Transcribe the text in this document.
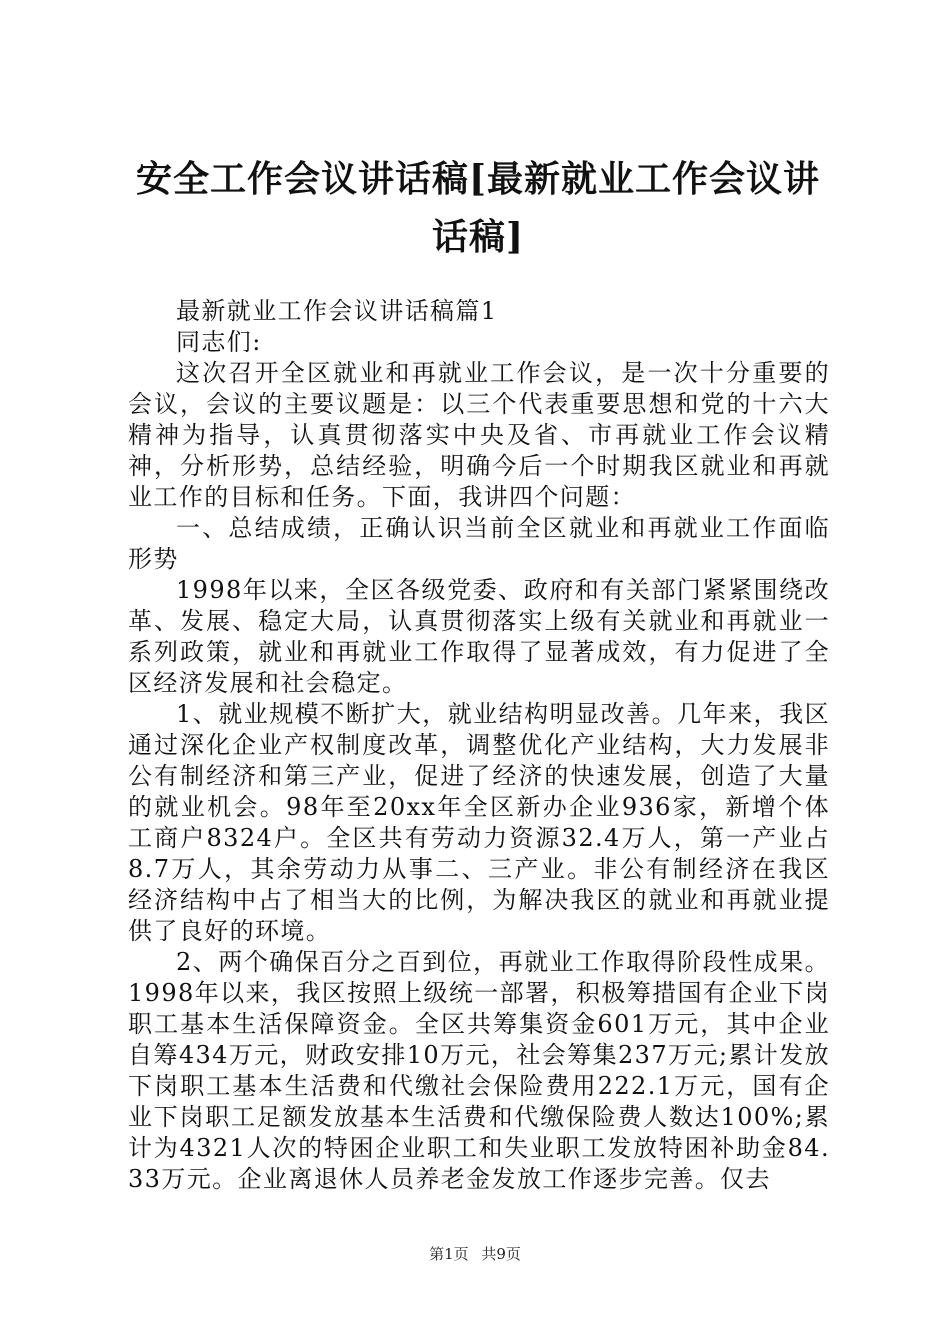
安全工作会议讲话稿[最新就业工作会议讲话稿]

最新就业工作会议讲话稿篇1

同志们:

这次召开全区就业和再就业工作会议，是一次十分重要的会议，会议的主要议题是：以三个代表重要思想和党的十六大精神为指导，认真贯彻落实中央及省、市再就业工作会议精神，分析形势，总结经验，明确今后一个时期我区就业和再就业工作的目标和任务。下面，我讲四个问题：

一、总结成绩，正确认识当前全区就业和再就业工作面临形势

1998年以来，全区各级党委、政府和有关部门紧紧围绕改革、发展、稳定大局，认真贯彻落实上级有关就业和再就业一系列政策，就业和再就业工作取得了显著成效，有力促进了全区经济发展和社会稳定。

1、就业规模不断扩大，就业结构明显改善。几年来，我区通过深化企业产权制度改革，调整优化产业结构，大力发展非公有制经济和第三产业，促进了经济的快速发展，创造了大量的就业机会。98年至20xx年全区新办企业936家，新增个体工商户8324户。全区共有劳动力资源32.4万人，第一产业占8.7万人，其余劳动力从事二、三产业。非公有制经济在我区经济结构中占了相当大的比例，为解决我区的就业和再就业提供了良好的环境。

2、两个确保百分之百到位，再就业工作取得阶段性成果。1998年以来，我区按照上级统一部署，积极筹措国有企业下岗职工基本生活保障资金。全区共筹集资金601万元，其中企业自筹434万元，财政安排10万元，社会筹集237万元;累计发放下岗职工基本生活费和代缴社会保险费用222.1万元，国有企业下岗职工足额发放基本生活费和代缴保险费人数达100%;累计为4321人次的特困企业职工和失业职工发放特困补助金84.33万元。企业离退休人员养老金发放工作逐步完善。仅去

第1页 共9页
